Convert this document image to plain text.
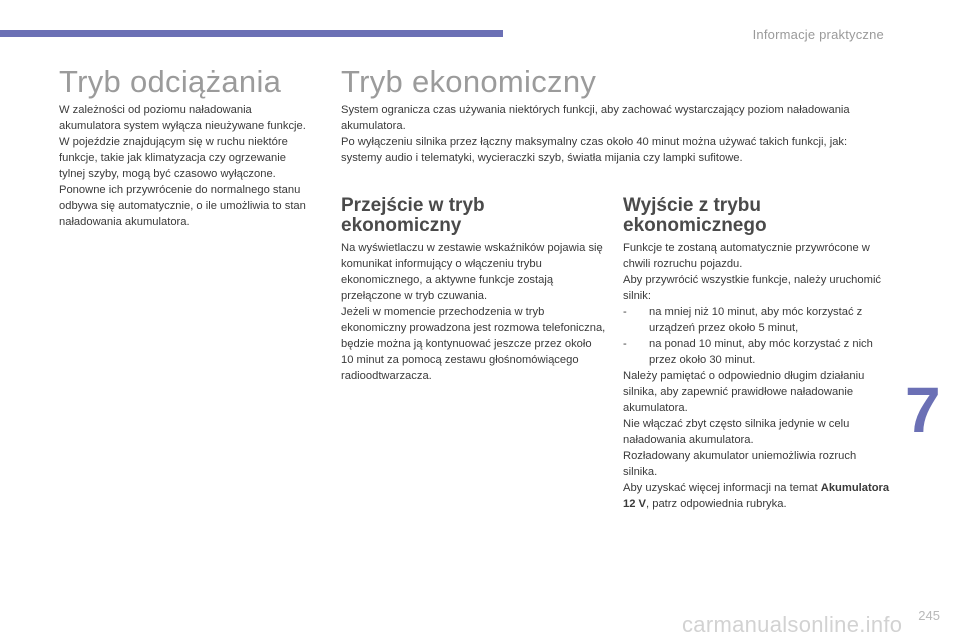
Informacje praktyczne
Tryb odciążania

W zależności od poziomu naładowania akumulatora system wyłącza nieużywane funkcje.

W pojeździe znajdującym się w ruchu niektóre funkcje, takie jak klimatyzacja czy ogrzewanie tylnej szyby, mogą być czasowo wyłączone.

Ponowne ich przywrócenie do normalnego stanu odbywa się automatycznie, o ile umożliwia to stan naładowania akumulatora.

Tryb ekonomiczny

System ogranicza czas używania niektórych funkcji, aby zachować wystarczający poziom naładowania akumulatora.

Po wyłączeniu silnika przez łączny maksymalny czas około 40 minut można używać takich funkcji, jak: systemy audio i telematyki, wycieraczki szyb, światła mijania czy lampki sufitowe.

Przejście w tryb
ekonomiczny

Na wyświetlaczu w zestawie wskaźników pojawia się komunikat informujący o włączeniu trybu ekonomicznego, a aktywne funkcje zostają przełączone w tryb czuwania.

Jeżeli w momencie przechodzenia w tryb ekonomiczny prowadzona jest rozmowa telefoniczna, będzie można ją kontynuować jeszcze przez około 10 minut za pomocą zestawu głośnomówiącego radioodtwarzacza.

Wyjście z trybu
ekonomicznego

Funkcje te zostaną automatycznie przywrócone w chwili rozruchu pojazdu.

Aby przywrócić wszystkie funkcje, należy uruchomić silnik:

- na mniej niż 10 minut, aby móc korzystać z urządzeń przez około 5 minut,
- na ponad 10 minut, aby móc korzystać z nich przez około 30 minut.

Należy pamiętać o odpowiednio długim działaniu silnika, aby zapewnić prawidłowe naładowanie akumulatora.

Nie włączać zbyt często silnika jedynie w celu naładowania akumulatora.

Rozładowany akumulator uniemożliwia rozruch silnika.

Aby uzyskać więcej informacji na temat Akumulatora 12 V, patrz odpowiednia rubryka.

7
carmanualsonline.info 245
